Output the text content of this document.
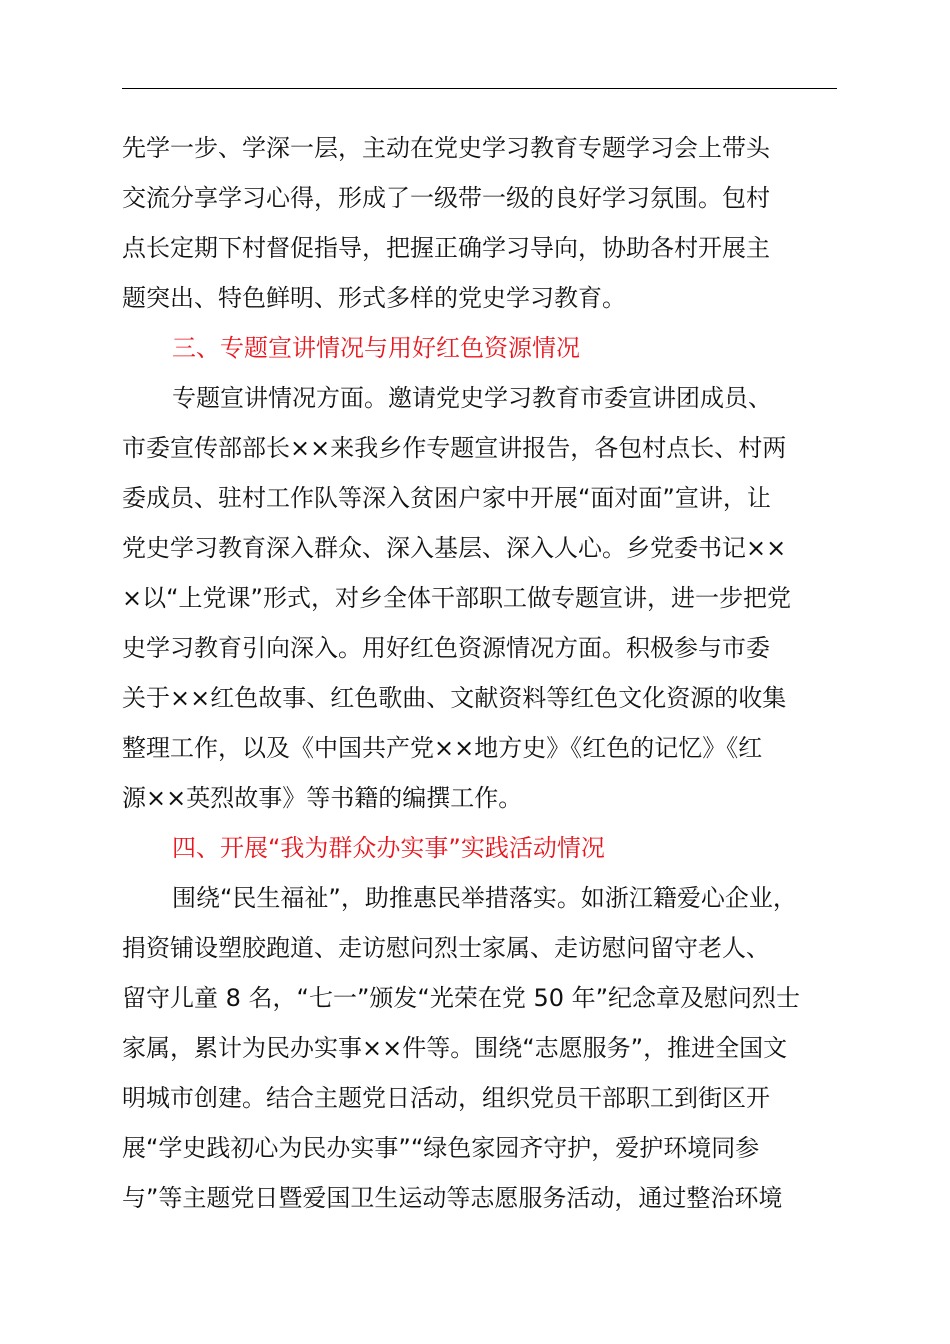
先学一步、学深一层，主动在党史学习教育专题学习会上带头

交流分享学习心得，形成了一级带一级的良好学习氛围。包村

点长定期下村督促指导，把握正确学习导向，协助各村开展主

题突出、特色鲜明、形式多样的党史学习教育。

三、专题宣讲情况与用好红色资源情况

专题宣讲情况方面。邀请党史学习教育市委宣讲团成员、

市委宣传部部长××来我乡作专题宣讲报告，各包村点长、村两

委成员、驻村工作队等深入贫困户家中开展“面对面”宣讲，让

党史学习教育深入群众、深入基层、深入人心。乡党委书记××

×以“上党课”形式，对乡全体干部职工做专题宣讲，进一步把党

史学习教育引向深入。用好红色资源情况方面。积极参与市委

关于××红色故事、红色歌曲、文献资料等红色文化资源的收集

整理工作，以及《中国共产党××地方史》《红色的记忆》《红

源××英烈故事》等书籍的编撰工作。

四、开展“我为群众办实事”实践活动情况

围绕“民生福祉”，助推惠民举措落实。如浙江籍爱心企业，

捐资铺设塑胶跑道、走访慰问烈士家属、走访慰问留守老人、

留守儿童 8 名，“七一”颁发“光荣在党 50 年”纪念章及慰问烈士

家属，累计为民办实事××件等。围绕“志愿服务”，推进全国文

明城市创建。结合主题党日活动，组织党员干部职工到街区开

展“学史践初心为民办实事”“绿色家园齐守护，爱护环境同参

与”等主题党日暨爱国卫生运动等志愿服务活动，通过整治环境
